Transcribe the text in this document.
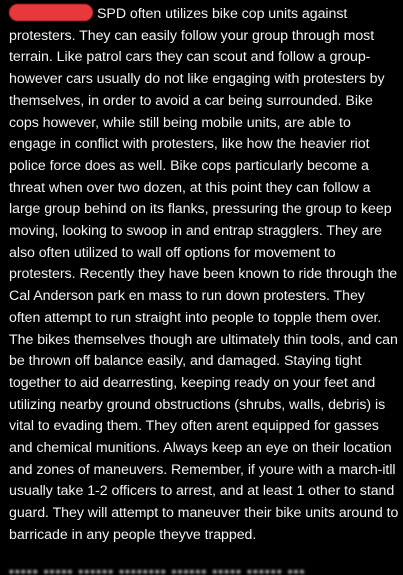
SPD often utilizes bike cop units against protesters. They can easily follow your group through most terrain. Like patrol cars they can scout and follow a group-however cars usually do not like engaging with protesters by themselves, in order to avoid a car being surrounded. Bike cops however, while still being mobile units, are able to engage in conflict with protesters, like how the heavier riot police force does as well. Bike cops particularly become a threat when over two dozen, at this point they can follow a large group behind on its flanks, pressuring the group to keep moving, looking to swoop in and entrap stragglers. They are also often utilized to wall off options for movement to protesters. Recently they have been known to ride through the Cal Anderson park en mass to run down protesters. They often attempt to run straight into people to topple them over. The bikes themselves though are ultimately thin tools, and can be thrown off balance easily, and damaged. Staying tight together to aid dearresting, keeping ready on your feet and utilizing nearby ground obstructions (shrubs, walls, debris) is vital to evading them. They often arent equipped for gasses and chemical munitions. Always keep an eye on their location and zones of maneuvers. Remember, if youre with a march-itll usually take 1-2 officers to arrest, and at least 1 other to stand guard. They will attempt to maneuver their bike units around to barricade in any people theyve trapped.
▪▪▪▪▪ ▪▪▪▪▪ ▪▪▪▪▪▪ ▪▪▪▪▪▪▪▪ ▪▪▪▪▪▪ ▪▪▪▪▪ ▪▪▪▪▪▪ ▪▪▪
